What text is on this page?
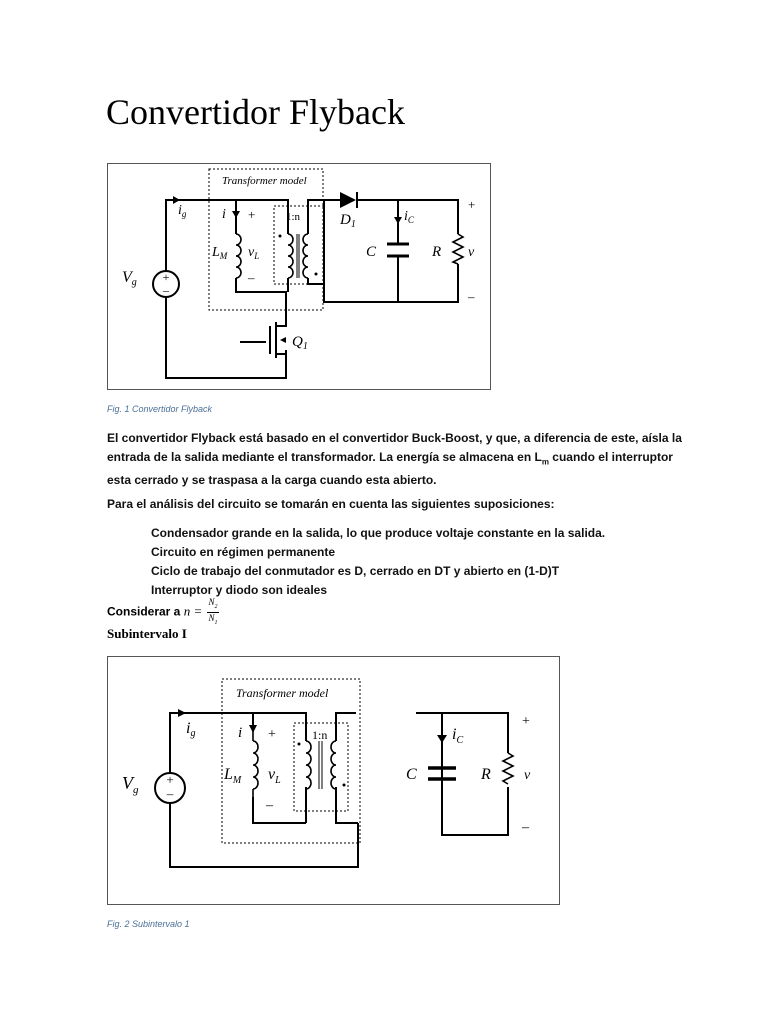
Convertidor Flyback
+
–
Transformer model
$i_g$	i +
$L_M$ $v_L$
–
1:n	$D_1$
$i_C$
C	R v
+
–
Vg
$Q_1$
Fig. 1 Convertidor Flyback
El convertidor Flyback está basado en el convertidor Buck-Boost, y que, a diferencia de este, aísla la
entrada de la salida mediante el transformador. La energía se almacena en $L_m$ cuando el interruptor
esta cerrado y se traspasa a la carga cuando esta abierto.
Para el análisis del circuito se tomarán en cuenta las siguientes suposiciones:
Condensador grande en la salida, lo que produce voltaje constante en la salida.
Circuito en régimen permanente
Ciclo de trabajo del conmutador es D, cerrado en DT y abierto en (1-D)T
Interruptor y diodo son ideales
Considerar a $n = \frac{N_2}{N_1}$
Subintervalo I
+
–
Transformer model
ig	i +
$L_M$ $v_L$
–
1:n	$i_C$
C	R v
+
–
$V_g$
Fig. 2 Subintervalo 1
